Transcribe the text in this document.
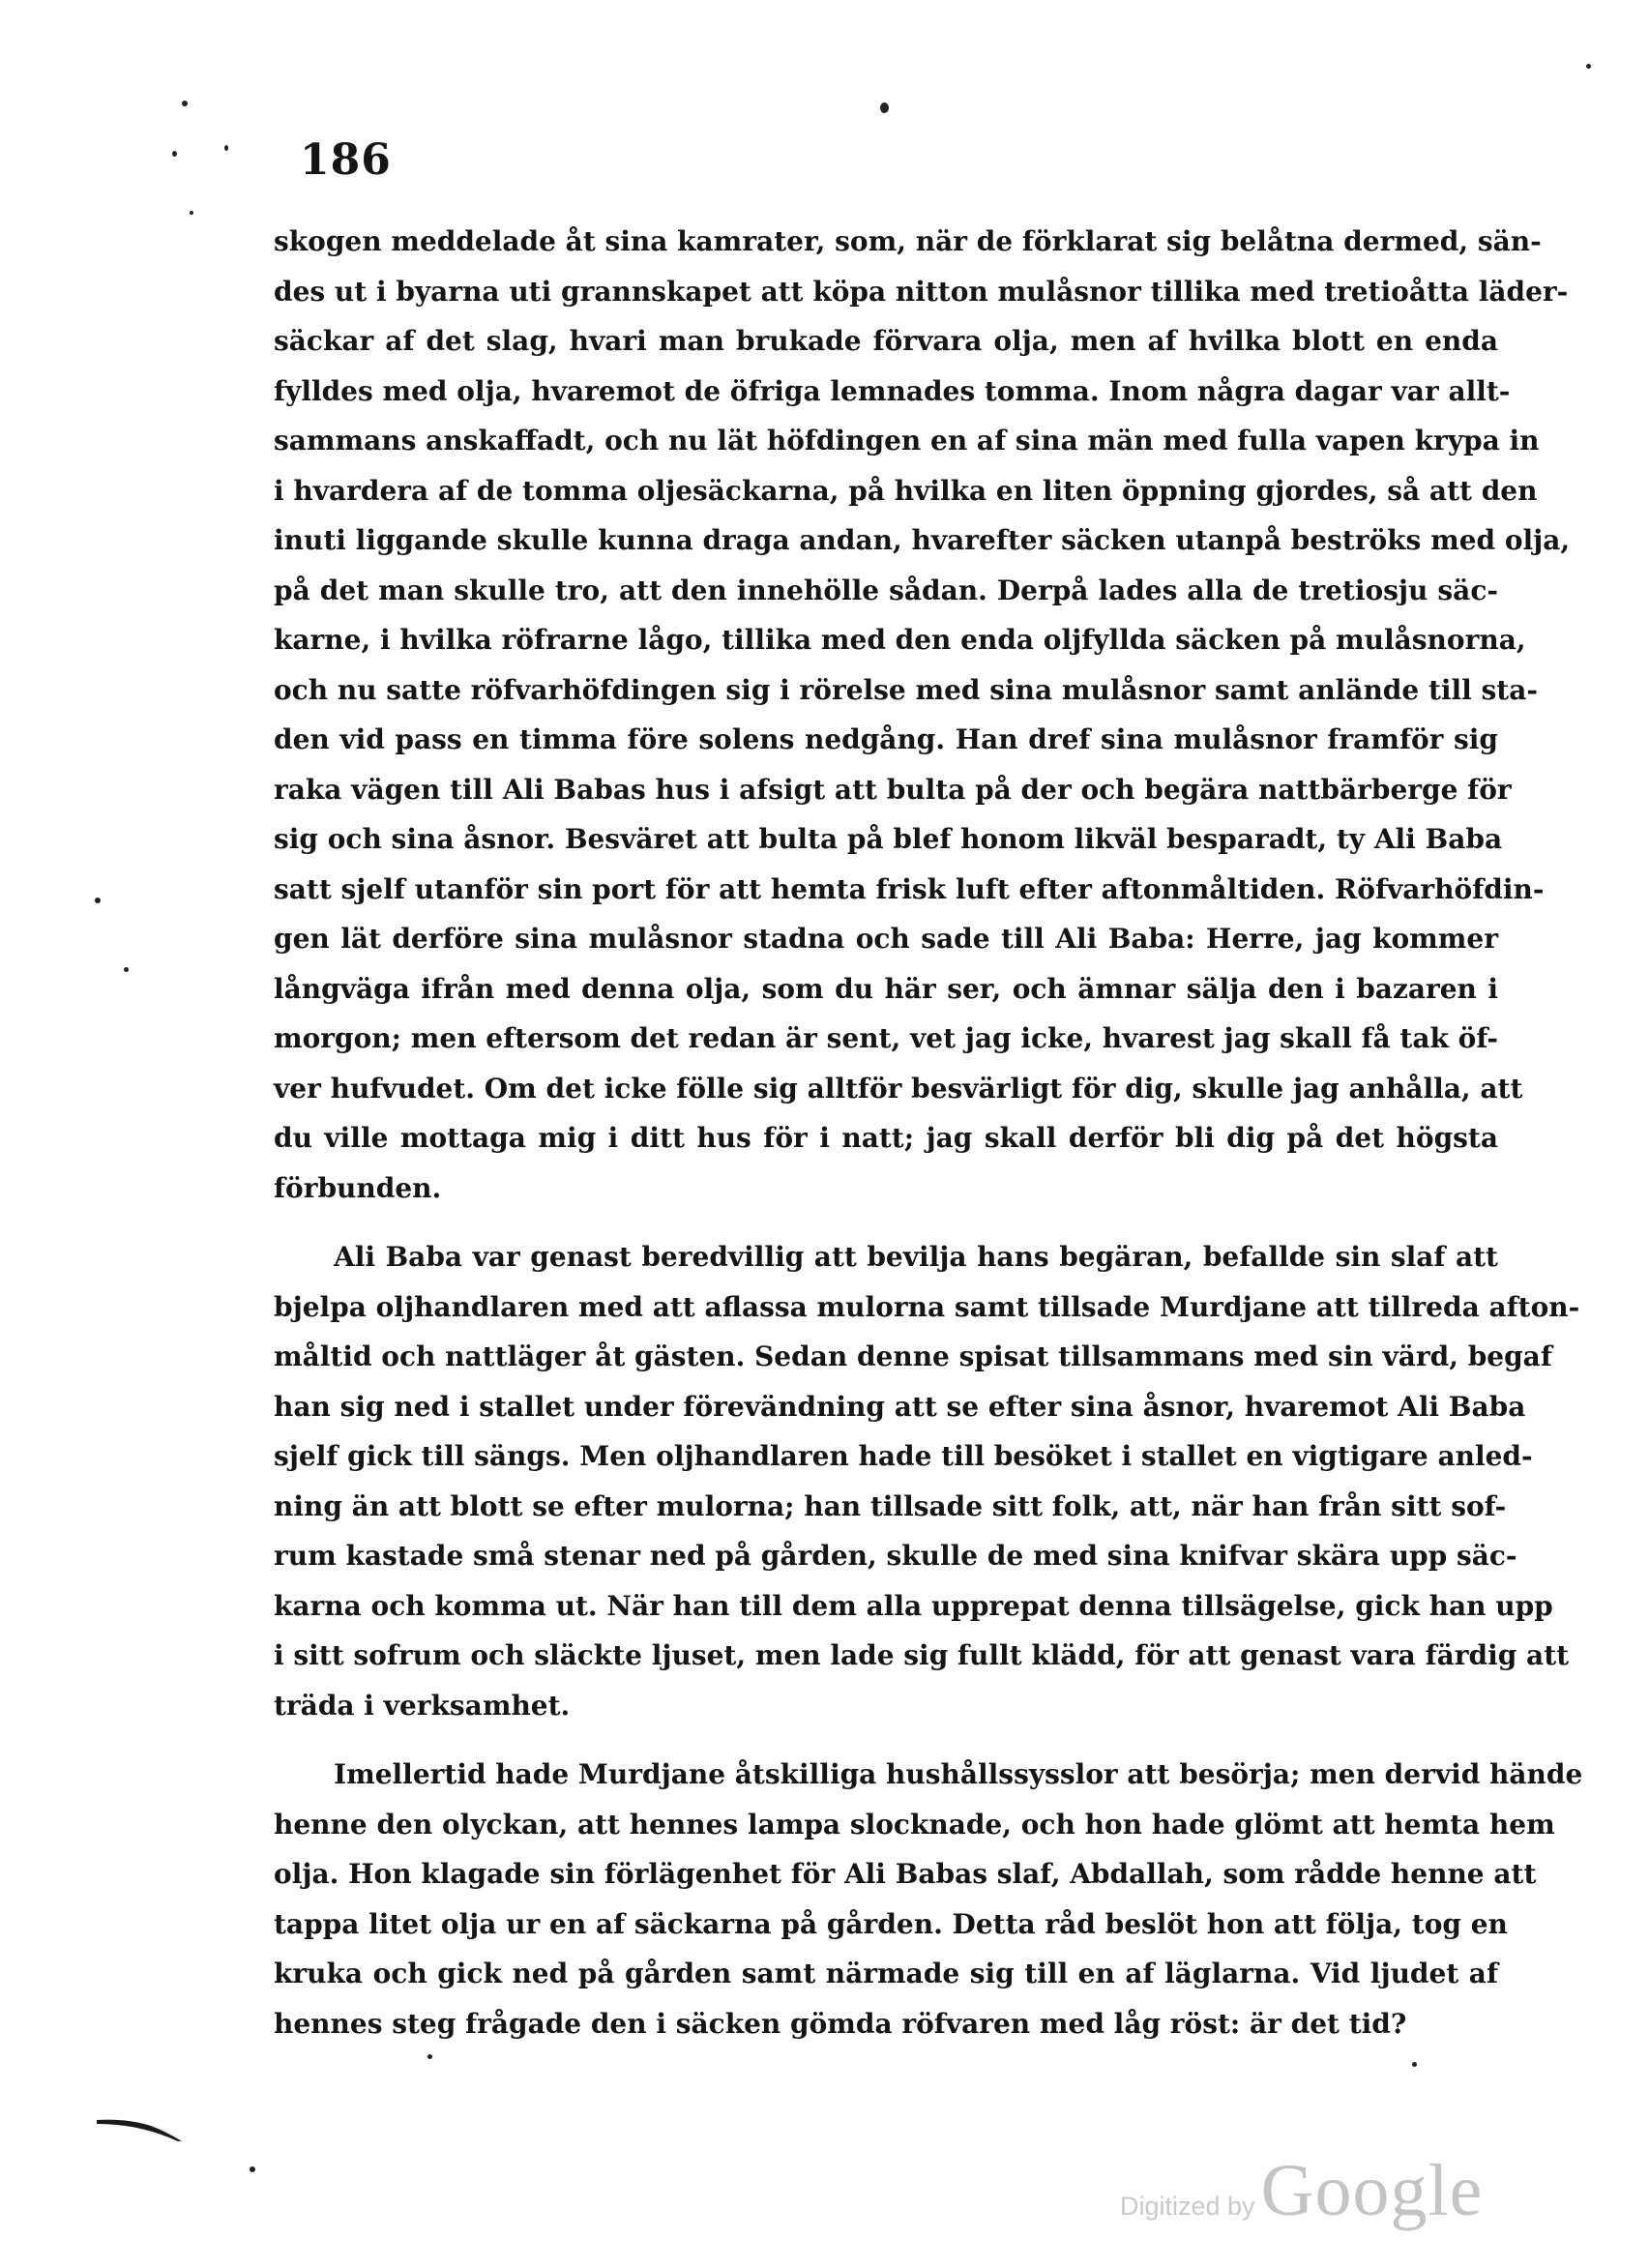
186
skogen meddelade åt sina kamrater, som, när de förklarat sig belåtna dermed, sän-
des ut i byarna uti grannskapet att köpa nitton mulåsnor tillika med tretioåtta läder-
säckar af det slag, hvari man brukade förvara olja, men af hvilka blott en enda
fylldes med olja, hvaremot de öfriga lemnades tomma. Inom några dagar var allt-
sammans anskaffadt, och nu lät höfdingen en af sina män med fulla vapen krypa in
i hvardera af de tomma oljesäckarna, på hvilka en liten öppning gjordes, så att den
inuti liggande skulle kunna draga andan, hvarefter säcken utanpå beströks med olja,
på det man skulle tro, att den innehölle sådan. Derpå lades alla de tretiosju säc-
karne, i hvilka röfrarne lågo, tillika med den enda oljfyllda säcken på mulåsnorna,
och nu satte röfvarhöfdingen sig i rörelse med sina mulåsnor samt anlände till sta-
den vid pass en timma före solens nedgång. Han dref sina mulåsnor framför sig
raka vägen till Ali Babas hus i afsigt att bulta på der och begära nattbärberge för
sig och sina åsnor. Besväret att bulta på blef honom likväl besparadt, ty Ali Baba
satt sjelf utanför sin port för att hemta frisk luft efter aftonmåltiden. Röfvarhöfdin-
gen lät derföre sina mulåsnor stadna och sade till Ali Baba: Herre, jag kommer
långväga ifrån med denna olja, som du här ser, och ämnar sälja den i bazaren i
morgon; men eftersom det redan är sent, vet jag icke, hvarest jag skall få tak öf-
ver hufvudet. Om det icke fölle sig alltför besvärligt för dig, skulle jag anhålla, att
du ville mottaga mig i ditt hus för i natt; jag skall derför bli dig på det högsta
förbunden.
Ali Baba var genast beredvillig att bevilja hans begäran, befallde sin slaf att
bjelpa oljhandlaren med att aflassa mulorna samt tillsade Murdjane att tillreda afton-
måltid och nattläger åt gästen. Sedan denne spisat tillsammans med sin värd, begaf
han sig ned i stallet under förevändning att se efter sina åsnor, hvaremot Ali Baba
sjelf gick till sängs. Men oljhandlaren hade till besöket i stallet en vigtigare anled-
ning än att blott se efter mulorna; han tillsade sitt folk, att, när han från sitt sof-
rum kastade små stenar ned på gården, skulle de med sina knifvar skära upp säc-
karna och komma ut. När han till dem alla upprepat denna tillsägelse, gick han upp
i sitt sofrum och släckte ljuset, men lade sig fullt klädd, för att genast vara färdig att
träda i verksamhet.
Imellertid hade Murdjane åtskilliga hushållssysslor att besörja; men dervid hände
henne den olyckan, att hennes lampa slocknade, och hon hade glömt att hemta hem
olja. Hon klagade sin förlägenhet för Ali Babas slaf, Abdallah, som rådde henne att
tappa litet olja ur en af säckarna på gården. Detta råd beslöt hon att följa, tog en
kruka och gick ned på gården samt närmade sig till en af läglarna. Vid ljudet af
hennes steg frågade den i säcken gömda röfvaren med låg röst: är det tid?
Digitized by Google
